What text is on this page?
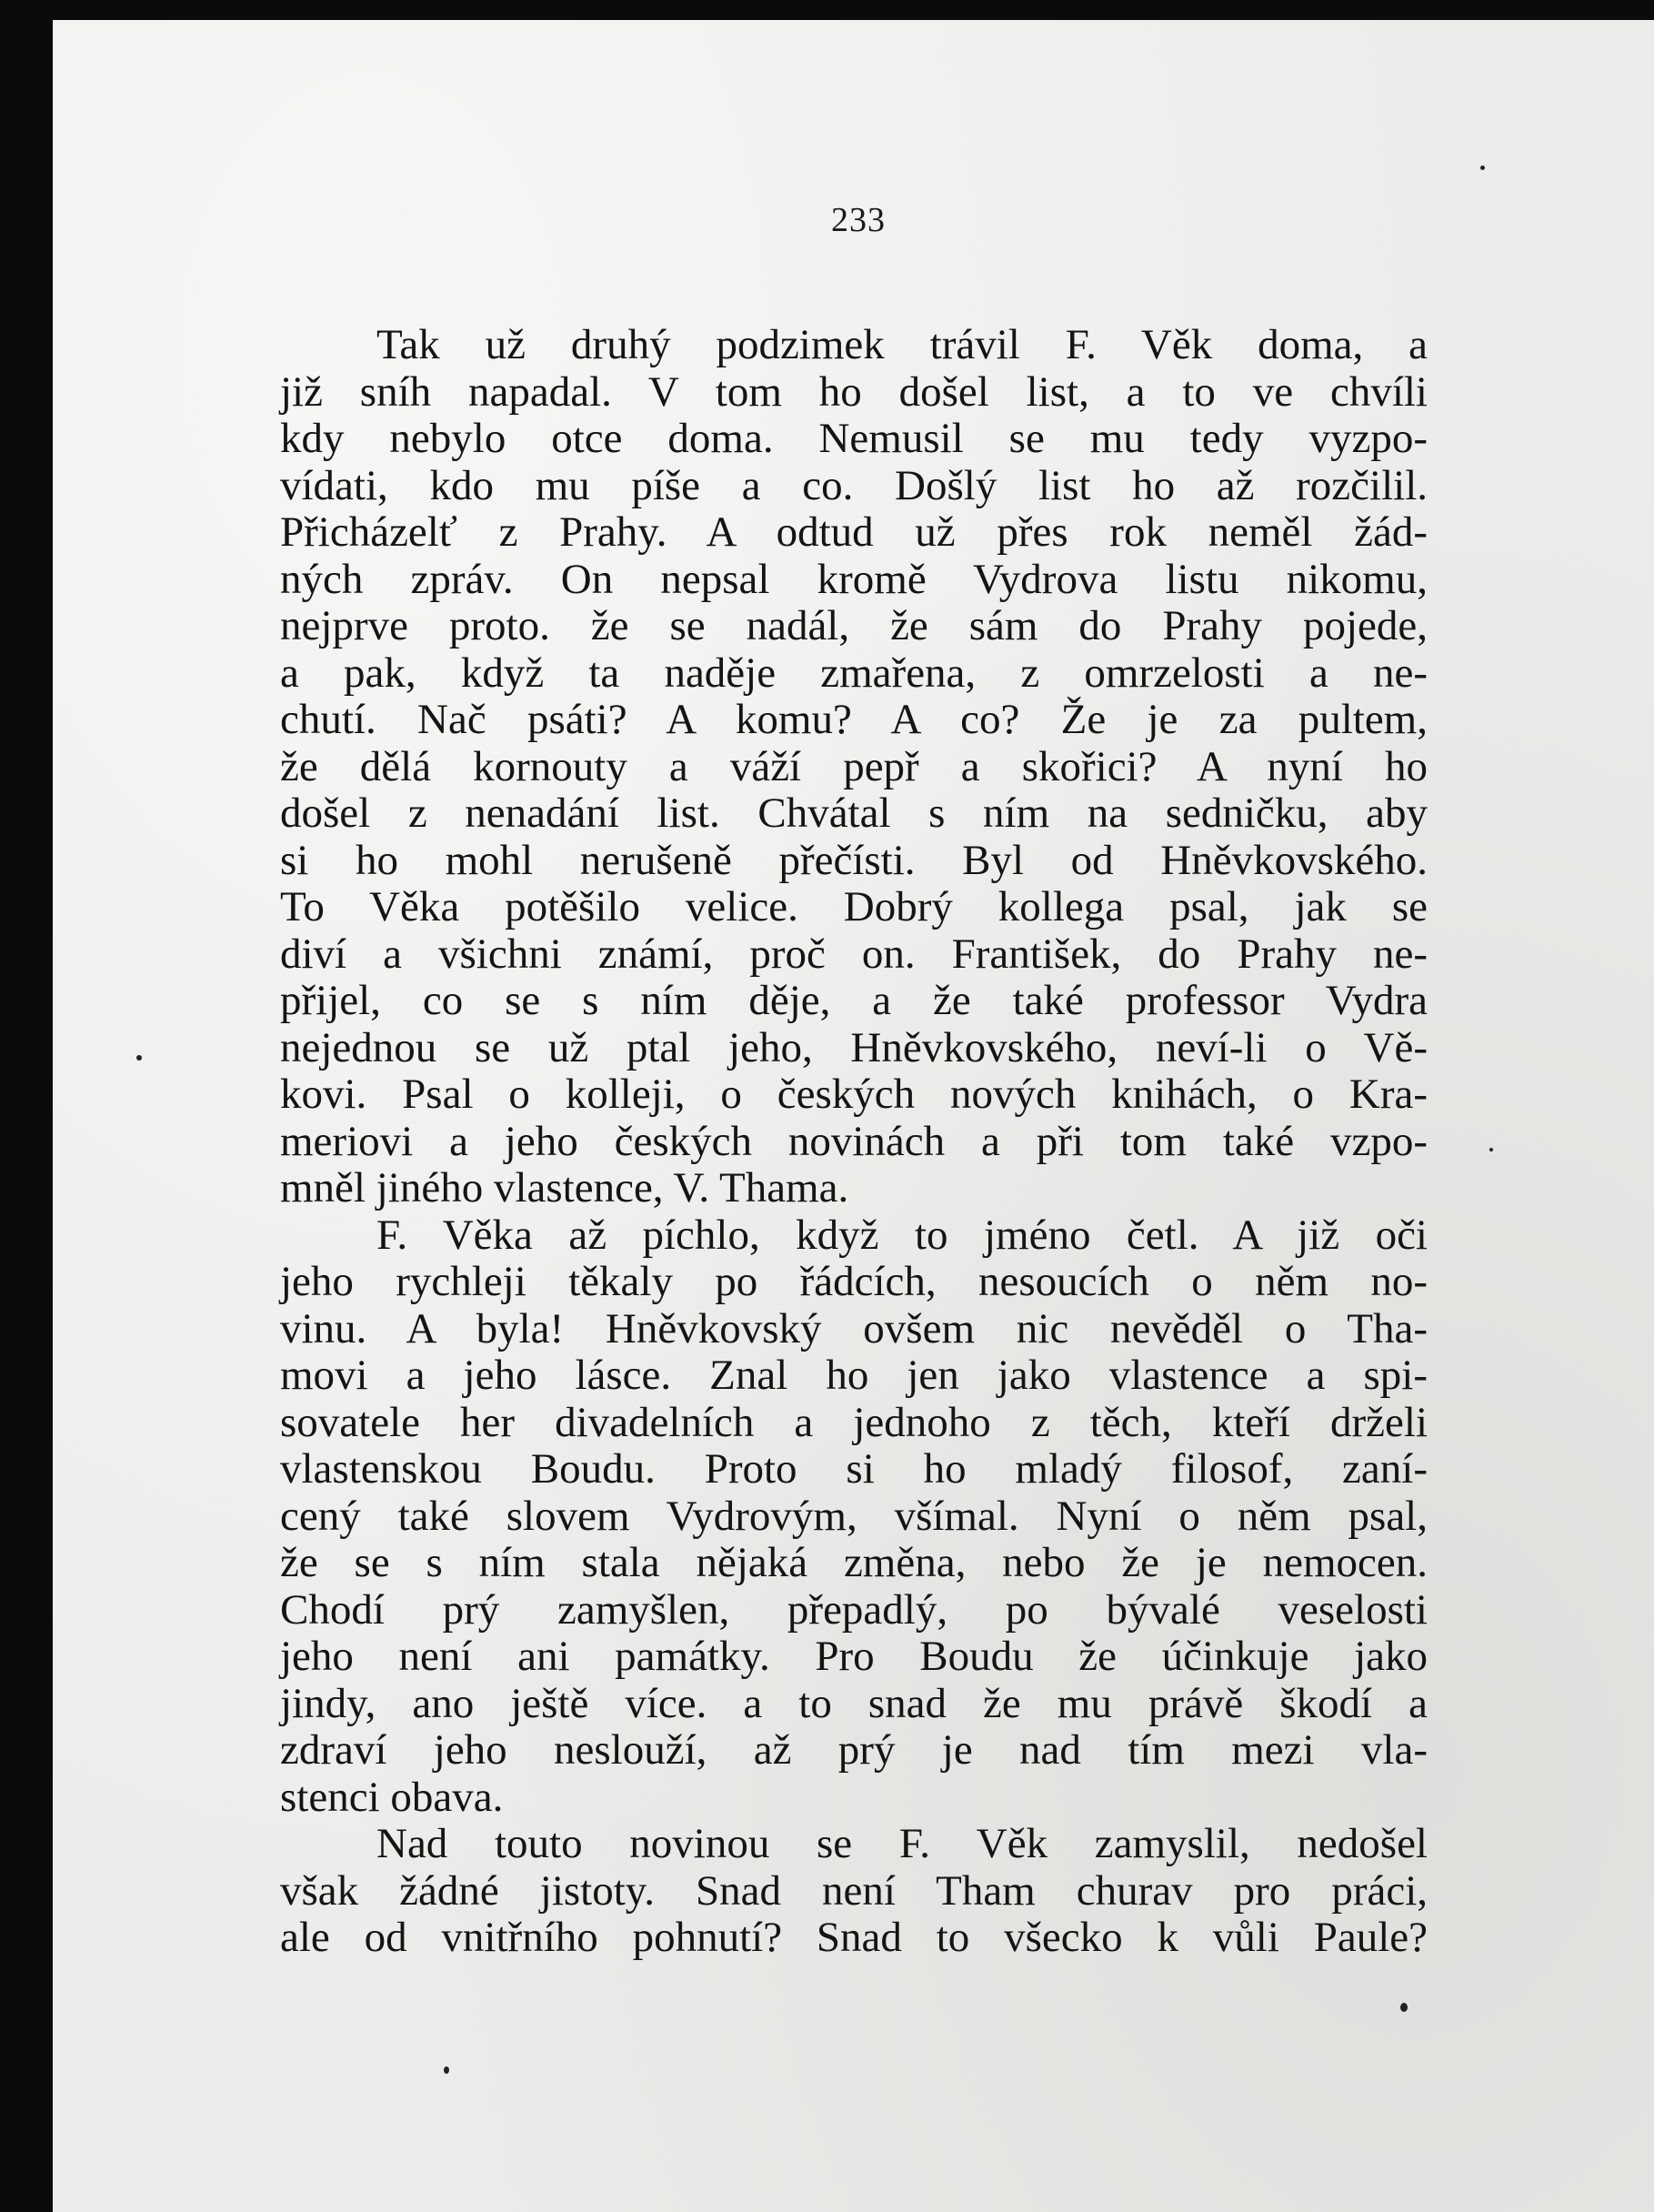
233
Tak už druhý podzimek trávil F. Věk doma, a
již sníh napadal. V tom ho došel list, a to ve chvíli
kdy nebylo otce doma. Nemusil se mu tedy vyzpo-
vídati, kdo mu píše a co. Došlý list ho až rozčilil.
Přicházelť z Prahy. A odtud už přes rok neměl žád-
ných zpráv. On nepsal kromě Vydrova listu nikomu,
nejprve proto. že se nadál, že sám do Prahy pojede,
a pak, když ta naděje zmařena, z omrzelosti a ne-
chutí. Nač psáti? A komu? A co? Že je za pultem,
že dělá kornouty a váží pepř a skořici? A nyní ho
došel z nenadání list. Chvátal s ním na sedničku, aby
si ho mohl nerušeně přečísti. Byl od Hněvkovského.
To Věka potěšilo velice. Dobrý kollega psal, jak se
diví a všichni známí, proč on. František, do Prahy ne-
přijel, co se s ním děje, a že také professor Vydra
nejednou se už ptal jeho, Hněvkovského, neví-li o Vě-
kovi. Psal o kolleji, o českých nových knihách, o Kra-
meriovi a jeho českých novinách a při tom také vzpo-
mněl jiného vlastence, V. Thama.
F. Věka až píchlo, když to jméno četl. A již oči
jeho rychleji těkaly po řádcích, nesoucích o něm no-
vinu. A byla! Hněvkovský ovšem nic nevěděl o Tha-
movi a jeho lásce. Znal ho jen jako vlastence a spi-
sovatele her divadelních a jednoho z těch, kteří drželi
vlastenskou Boudu. Proto si ho mladý filosof, zaní-
cený také slovem Vydrovým, všímal. Nyní o něm psal,
že se s ním stala nějaká změna, nebo že je nemocen.
Chodí prý zamyšlen, přepadlý, po bývalé veselosti
jeho není ani památky. Pro Boudu že účinkuje jako
jindy, ano ještě více. a to snad že mu právě škodí a
zdraví jeho neslouží, až prý je nad tím mezi vla-
stenci obava.
Nad touto novinou se F. Věk zamyslil, nedošel
však žádné jistoty. Snad není Tham churav pro práci,
ale od vnitřního pohnutí? Snad to všecko k vůli Paule?
